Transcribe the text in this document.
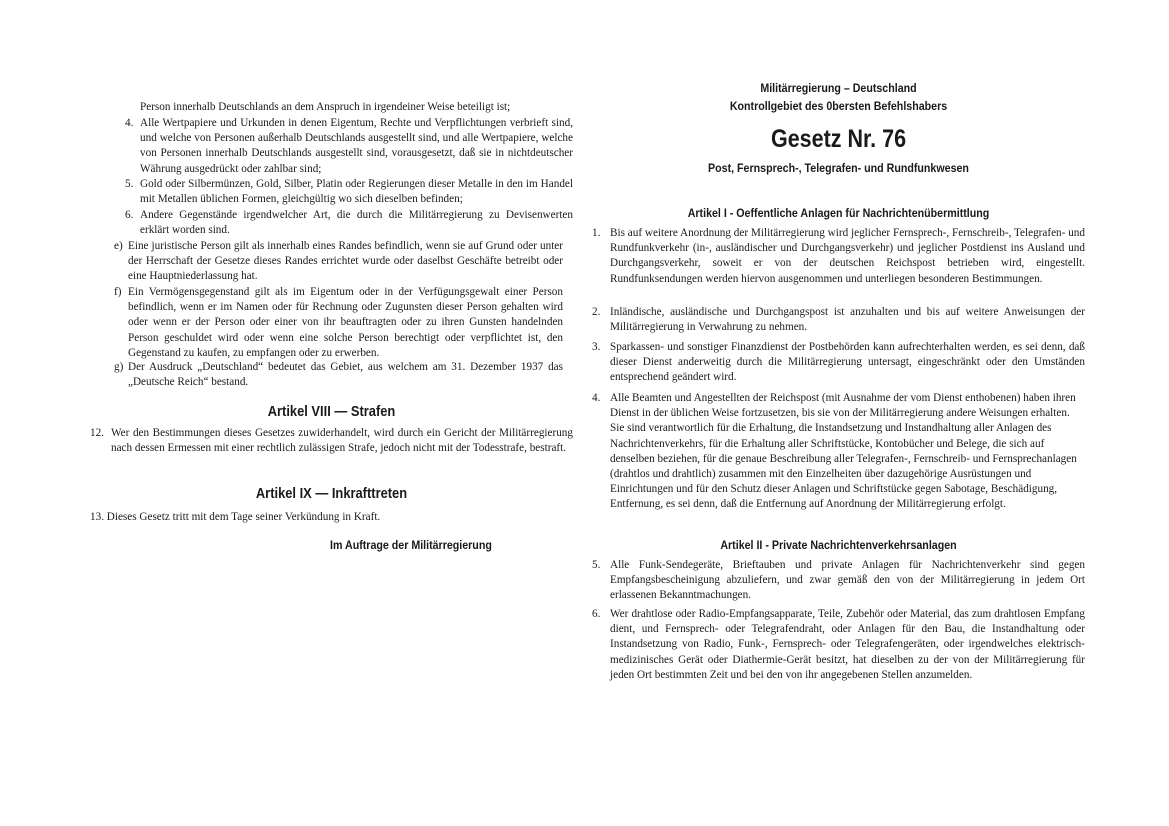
Person innerhalb Deutschlands an dem Anspruch in irgendeiner Weise beteiligt ist;
4. Alle Wertpapiere und Urkunden in denen Eigentum, Rechte und Verpflichtungen verbrieft sind, und welche von Personen außerhalb Deutschlands ausgestellt sind, und alle Wertpapiere, welche von Personen innerhalb Deutschlands ausgestellt sind, vorausgesetzt, daß sie in nichtdeutscher Währung ausgedrückt oder zahlbar sind;
5. Gold oder Silbermünzen, Gold, Silber, Platin oder Regierungen dieser Metalle in den im Handel mit Metallen üblichen Formen, gleichgültig wo sich dieselben befinden;
6. Andere Gegenstände irgendwelcher Art, die durch die Militärregierung zu Devisenwerten erklärt worden sind.
e) Eine juristische Person gilt als innerhalb eines Randes befindlich, wenn sie auf Grund oder unter der Herrschaft der Gesetze dieses Randes errichtet wurde oder daselbst Geschäfte betreibt oder eine Hauptniederlassung hat.
f) Ein Vermögensgegenstand gilt als im Eigentum oder in der Verfügungsgewalt einer Person befindlich, wenn er im Namen oder für Rechnung oder Zugunsten dieser Person gehalten wird oder wenn er der Person oder einer von ihr beauftragten oder zu ihren Gunsten handelnden Person geschuldet wird oder wenn eine solche Person berechtigt oder verpflichtet ist, den Gegenstand zu kaufen, zu empfangen oder zu erwerben.
g) Der Ausdruck „Deutschland“ bedeutet das Gebiet, aus welchem am 31. Dezember 1937 das „Deutsche Reich“ bestand.
Artikel VIII — Strafen
12. Wer den Bestimmungen dieses Gesetzes zuwiderhandelt, wird durch ein Gericht der Militärregierung nach dessen Ermessen mit einer rechtlich zulässigen Strafe, jedoch nicht mit der Todesstrafe, bestraft.
Artikel IX — Inkrafttreten
13. Dieses Gesetz tritt mit dem Tage seiner Verkündung in Kraft.
Im Auftrage der Militärregierung
Militärregierung – Deutschland
Kontrollgebiet des 0bersten Befehlshabers
Gesetz Nr. 76
Post, Fernsprech-, Telegrafen- und Rundfunkwesen
Artikel I - Oeffentliche Anlagen für Nachrichtenübermittlung
1. Bis auf weitere Anordnung der Militärregierung wird jeglicher Fernsprech-, Fernschreib-, Telegrafen- und Rundfunkverkehr (in-, ausländischer und Durchgangsverkehr) und jeglicher Postdienst ins Ausland und Durchgangsverkehr, soweit er von der deutschen Reichspost betrieben wird, eingestellt. Rundfunksendungen werden hiervon ausgenommen und unterliegen besonderen Bestimmungen.
2. Inländische, ausländische und Durchgangspost ist anzuhalten und bis auf weitere Anweisungen der Militärregierung in Verwahrung zu nehmen.
3. Sparkassen- und sonstiger Finanzdienst der Postbehörden kann aufrechterhalten werden, es sei denn, daß dieser Dienst anderweitig durch die Militärregierung untersagt, eingeschränkt oder den Umständen entsprechend geändert wird.
4. Alle Beamten und Angestellten der Reichspost (mit Ausnahme der vom Dienst enthobenen) haben ihren Dienst in der üblichen Weise fortzusetzen, bis sie von der Militärregierung andere Weisungen erhalten. Sie sind verantwortlich für die Erhaltung, die Instandsetzung und Instandhaltung aller Anlagen des Nachrichtenverkehrs, für die Erhaltung aller Schriftstücke, Kontobücher und Belege, die sich auf denselben beziehen, für die genaue Beschreibung aller Telegrafen-, Fernschreib- und Fernsprechanlagen (drahtlos und drahtlich) zusammen mit den Einzelheiten über dazugehörige Ausrüstungen und Einrichtungen und für den Schutz dieser Anlagen und Schriftstücke gegen Sabotage, Beschädigung, Entfernung, es sei denn, daß die Entfernung auf Anordnung der Militärregierung erfolgt.
Artikel II - Private Nachrichtenverkehrsanlagen
5. Alle Funk-Sendegeräte, Brieftauben und private Anlagen für Nachrichtenverkehr sind gegen Empfangsbescheinigung abzuliefern, und zwar gemäß den von der Militärregierung in jedem Ort erlassenen Bekanntmachungen.
6. Wer drahtlose oder Radio-Empfangsapparate, Teile, Zubehör oder Material, das zum drahtlosen Empfang dient, und Fernsprech- oder Telegrafendraht, oder Anlagen für den Bau, die Instandhaltung oder Instandsetzung von Radio, Funk-, Fernsprech- oder Telegrafengeräten, oder irgendwelches elektrisch-medizinisches Gerät oder Diathermie-Gerät besitzt, hat dieselben zu der von der Militärregierung für jeden Ort bestimmten Zeit und bei den von ihr angegebenen Stellen anzumelden.
